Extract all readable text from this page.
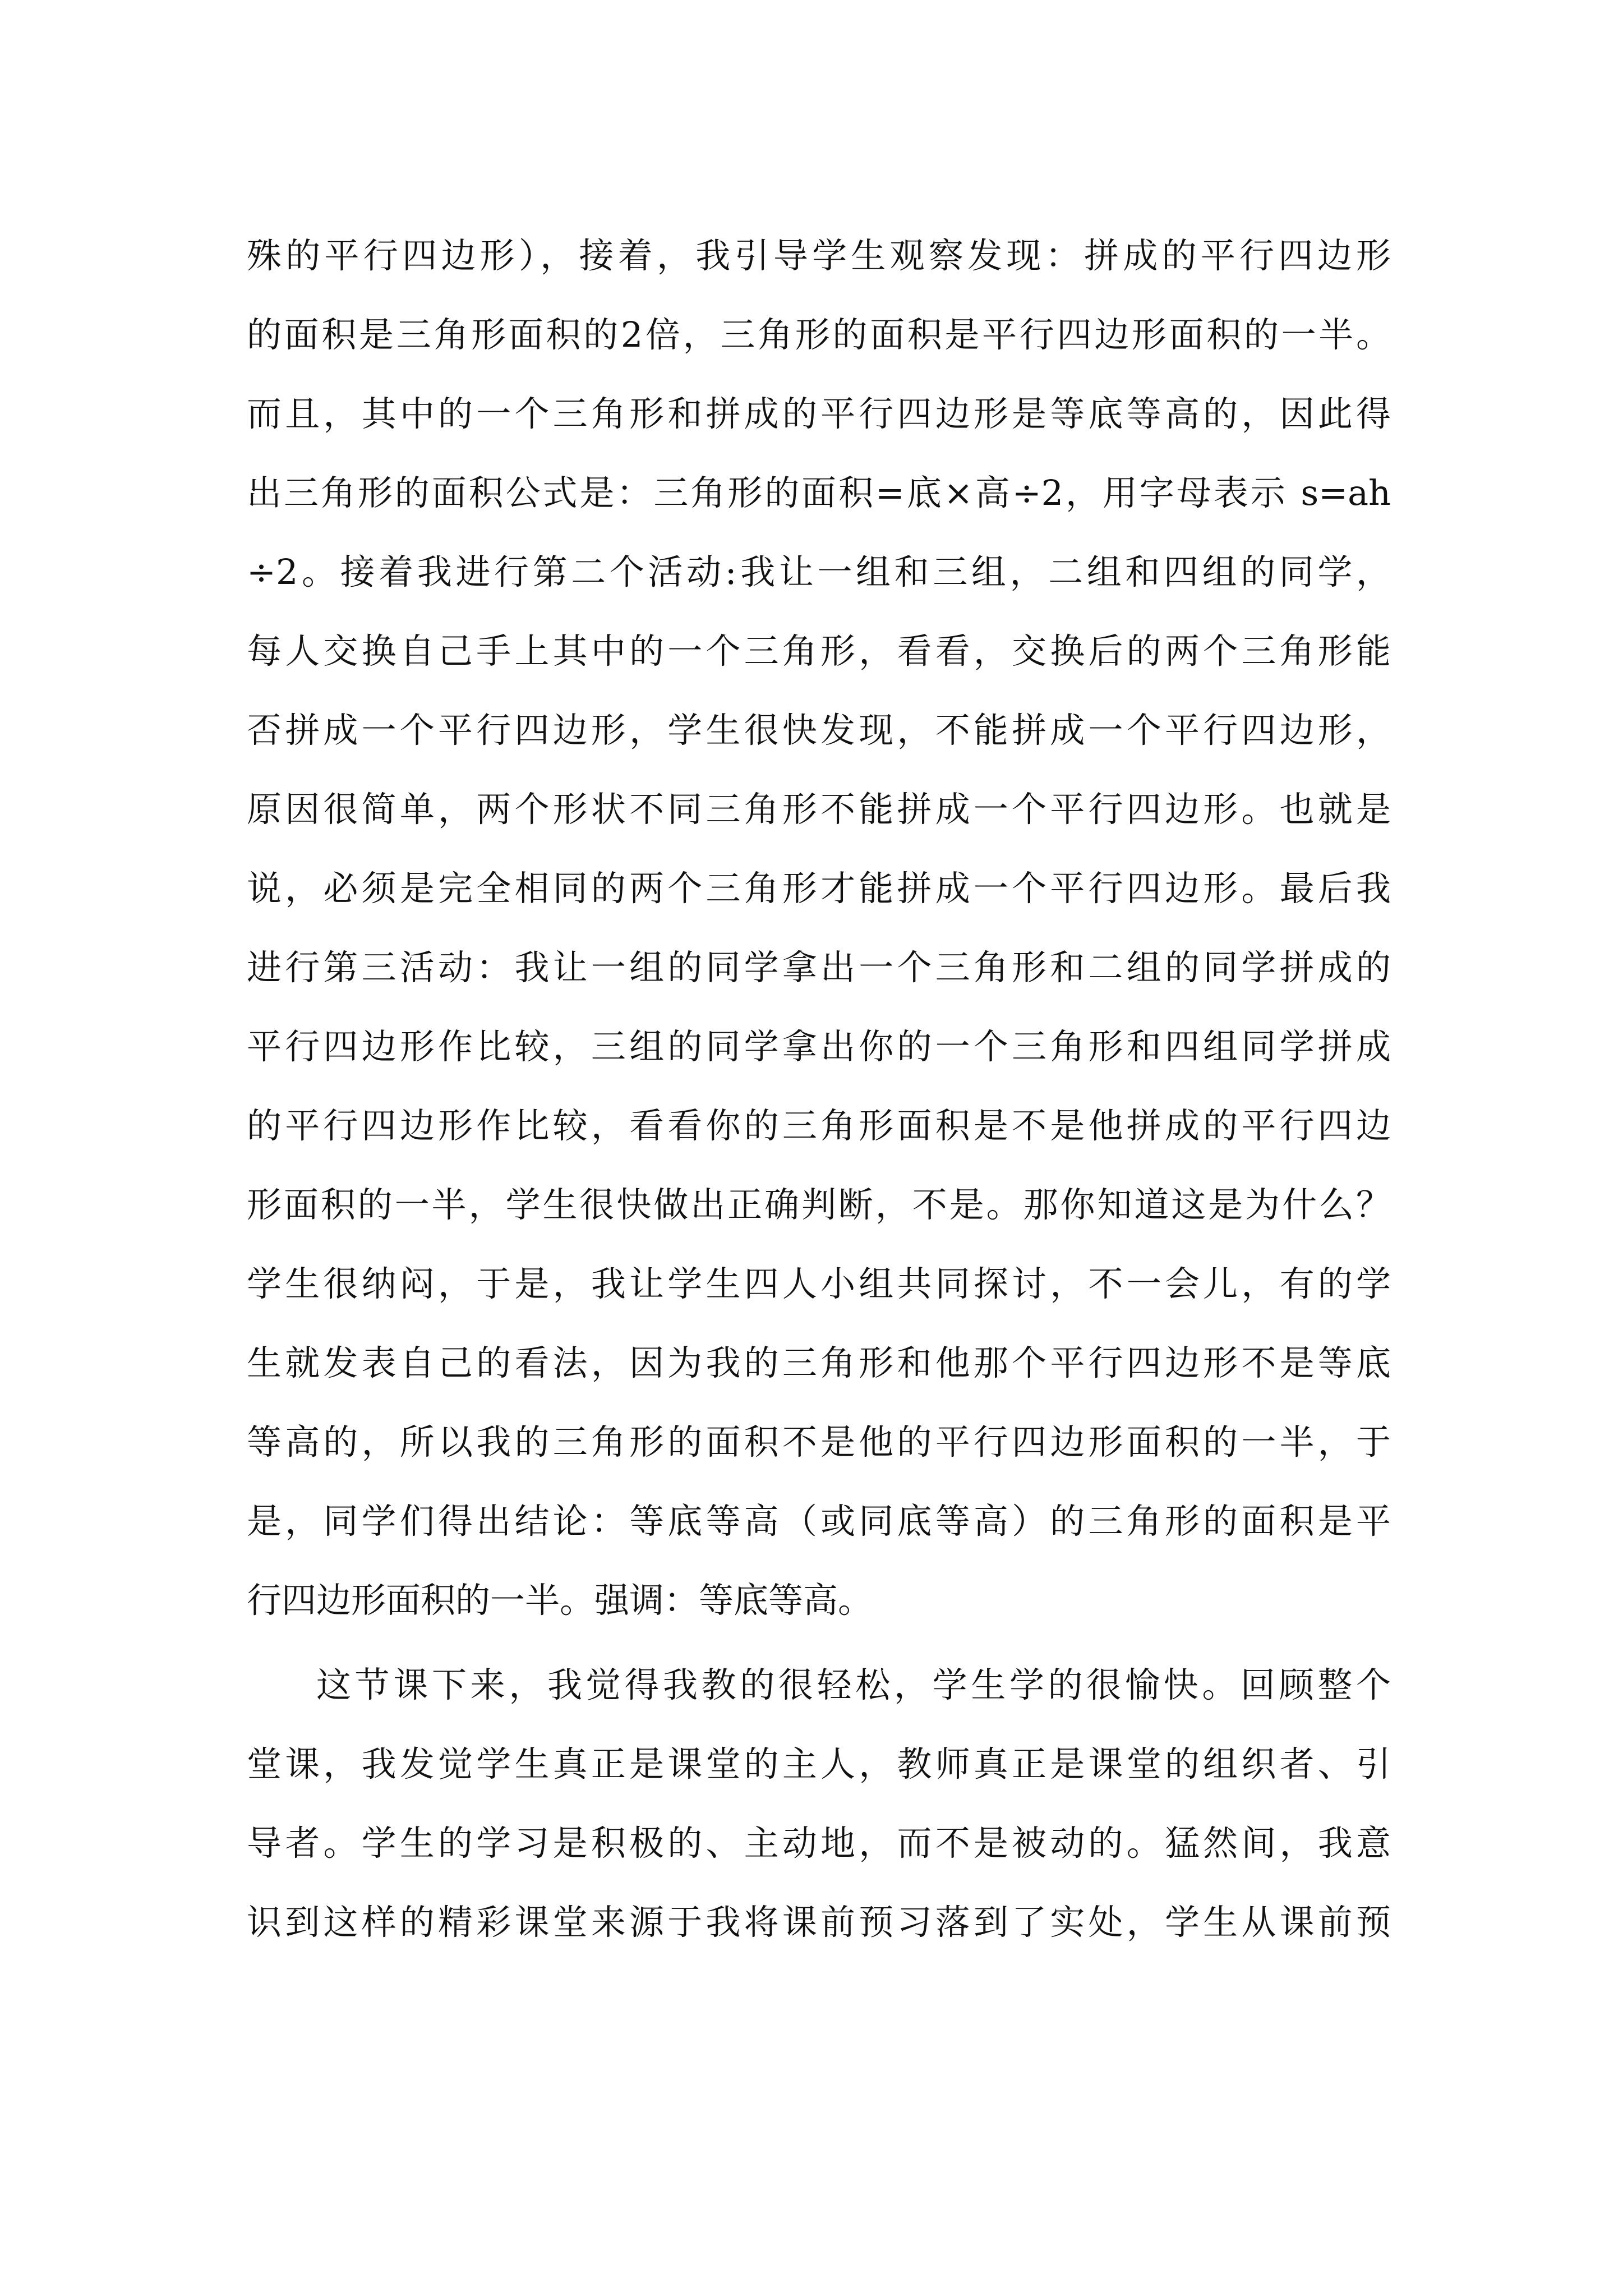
殊的平行四边形），接着，我引导学生观察发现：拼成的平行四边形
的面积是三角形面积的2倍，三角形的面积是平行四边形面积的一半。
而且，其中的一个三角形和拼成的平行四边形是等底等高的，因此得
出三角形的面积公式是：三角形的面积=底×高÷2，用字母表示 s=ah
÷2。接着我进行第二个活动:我让一组和三组，二组和四组的同学，
每人交换自己手上其中的一个三角形，看看，交换后的两个三角形能
否拼成一个平行四边形，学生很快发现，不能拼成一个平行四边形，
原因很简单，两个形状不同三角形不能拼成一个平行四边形。也就是
说，必须是完全相同的两个三角形才能拼成一个平行四边形。最后我
进行第三活动：我让一组的同学拿出一个三角形和二组的同学拼成的
平行四边形作比较，三组的同学拿出你的一个三角形和四组同学拼成
的平行四边形作比较，看看你的三角形面积是不是他拼成的平行四边
形面积的一半，学生很快做出正确判断，不是。那你知道这是为什么？
学生很纳闷，于是，我让学生四人小组共同探讨，不一会儿，有的学
生就发表自己的看法，因为我的三角形和他那个平行四边形不是等底
等高的，所以我的三角形的面积不是他的平行四边形面积的一半，于
是，同学们得出结论：等底等高（或同底等高）的三角形的面积是平
行四边形面积的一半。强调：等底等高。
这节课下来，我觉得我教的很轻松，学生学的很愉快。回顾整个
堂课，我发觉学生真正是课堂的主人，教师真正是课堂的组织者、引
导者。学生的学习是积极的、主动地，而不是被动的。猛然间，我意
识到这样的精彩课堂来源于我将课前预习落到了实处，学生从课前预
